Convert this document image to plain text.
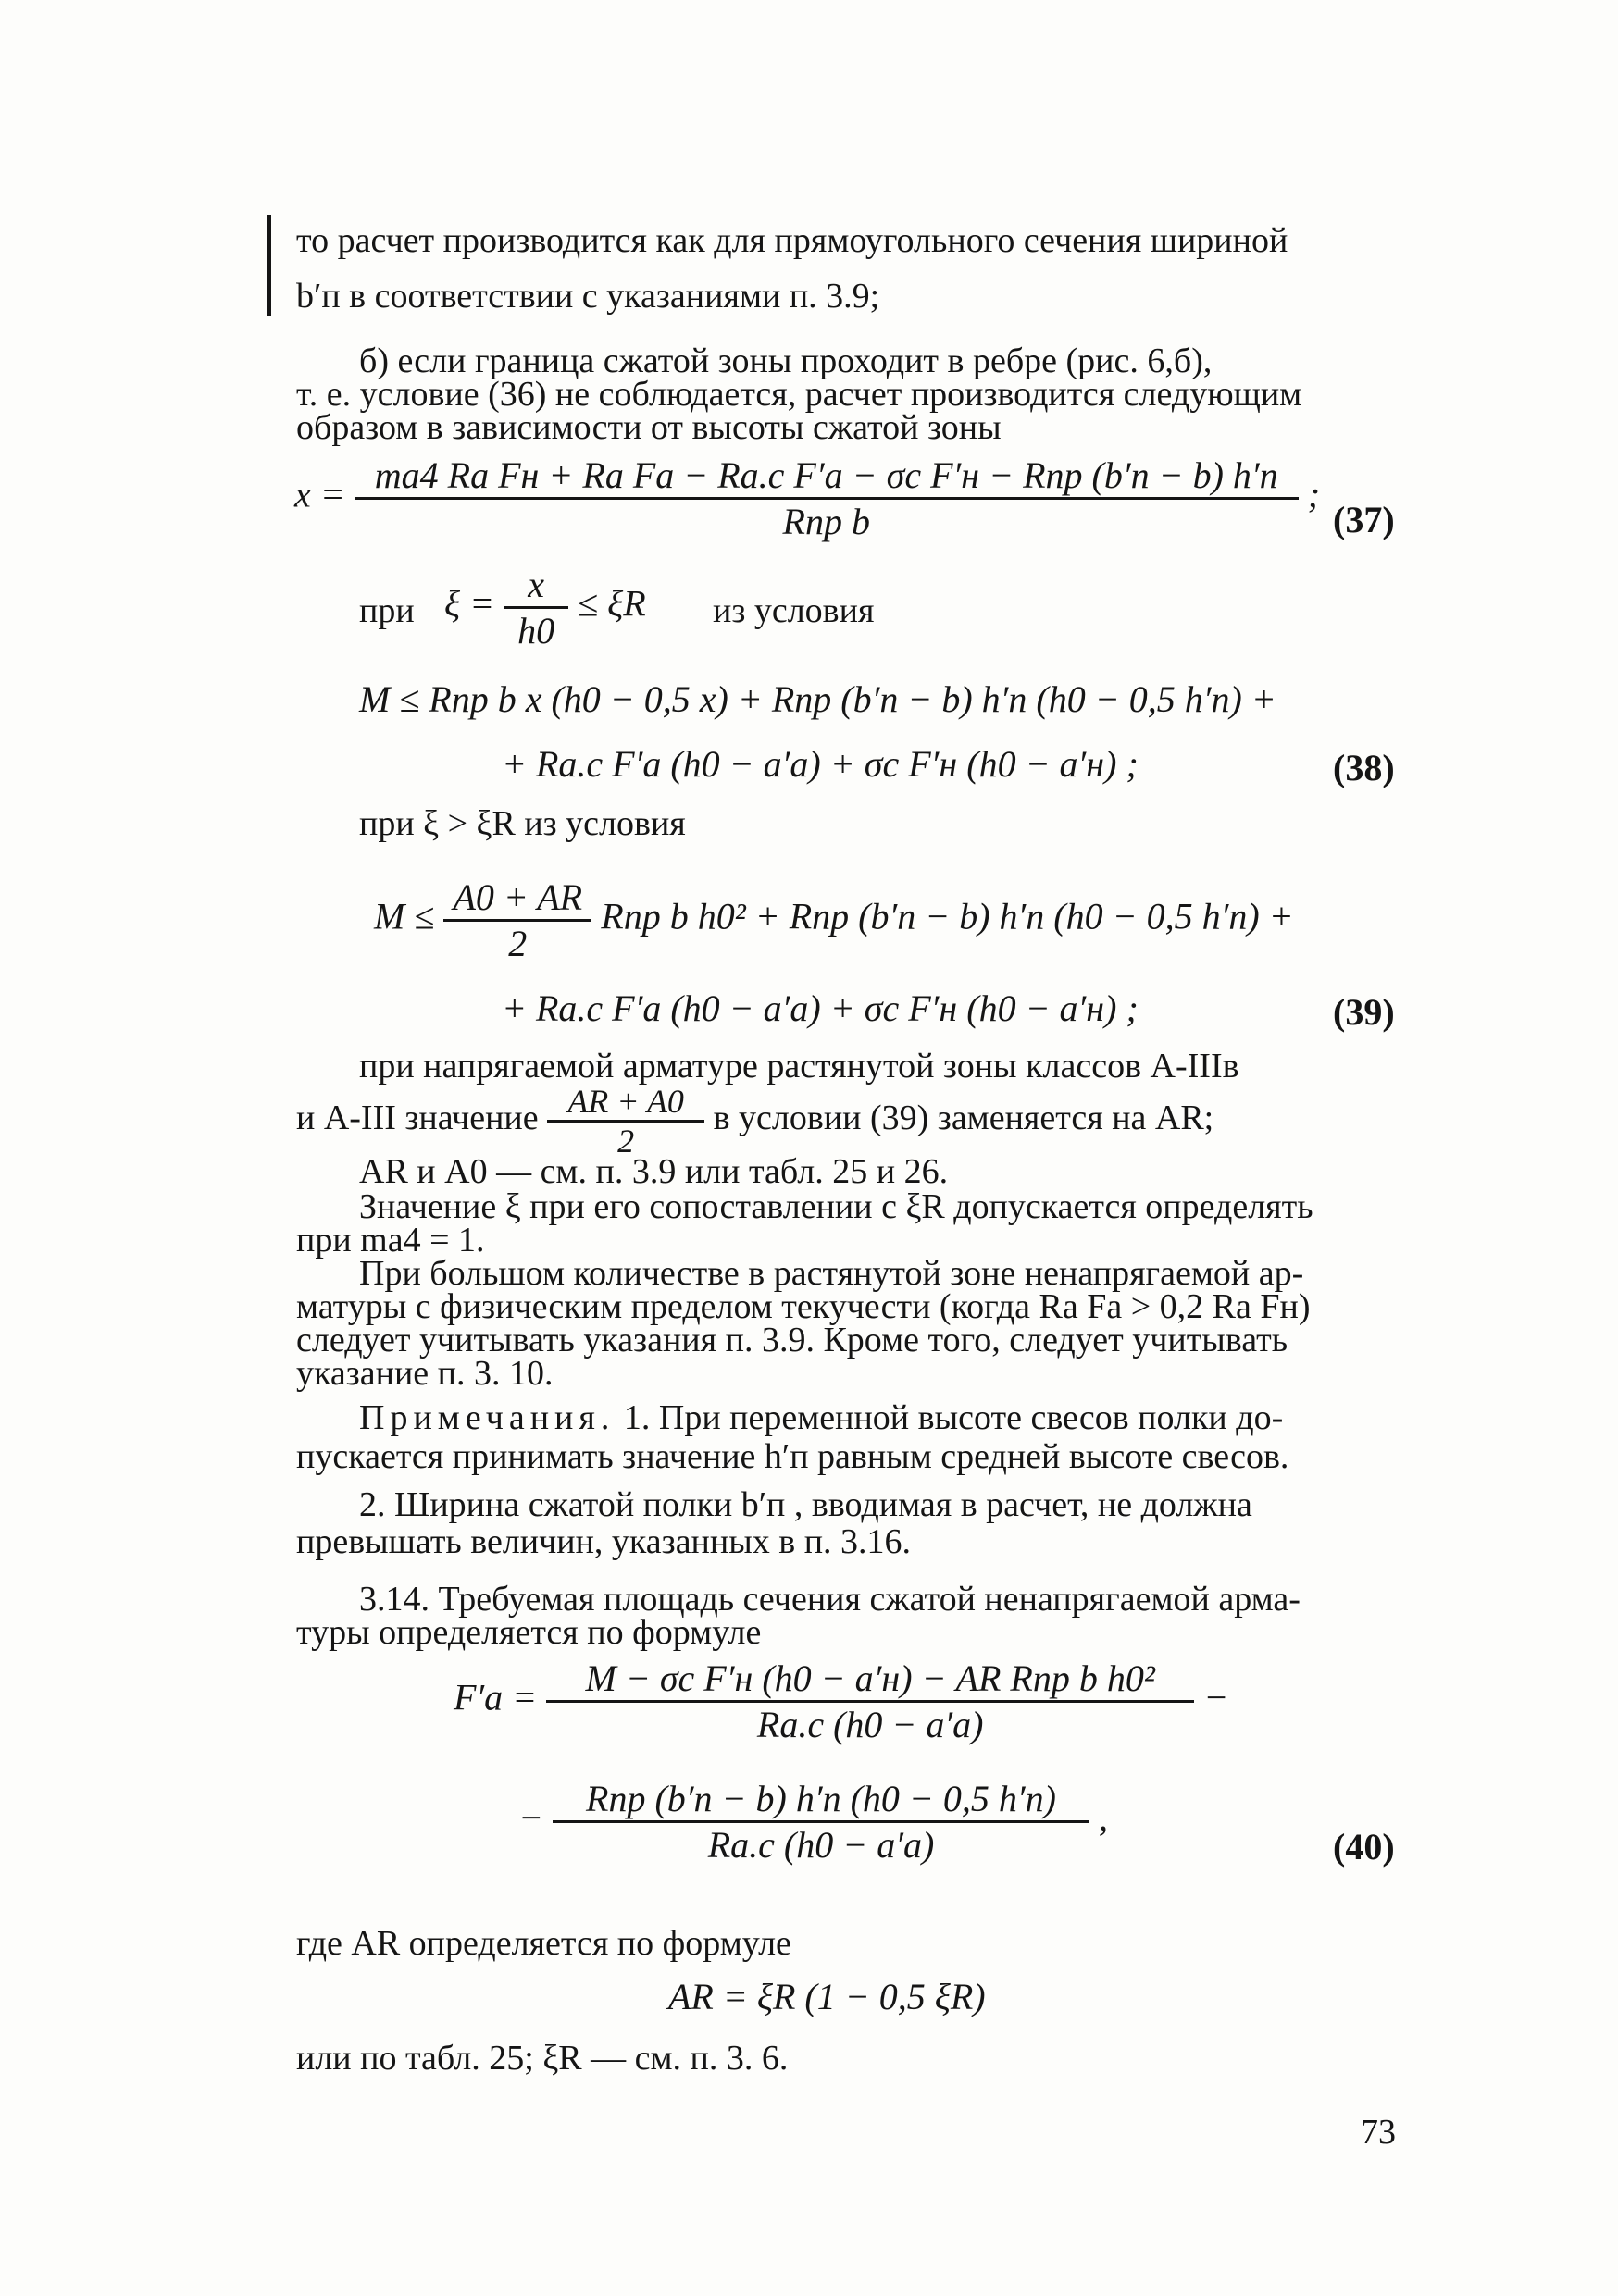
то расчет производится как для прямоугольного сечения шириной
b′п в соответствии с указаниями п. 3.9;
б) если граница сжатой зоны проходит в ребре (рис. 6,б),
т. е. условие (36) не соблюдается, расчет производится следующим
образом в зависимости от высоты сжатой зоны
$x = \frac{\text{ma4 Ra Fн + Ra Fa − Ra.c F′a − σc F′н − Rпр (b′п − b) h′п}}{\text{Rпр b}}$ ;
(37)
при $\xi = \frac{x}{h0} \le \xi R$ из условия
M ≤ Rпр b x (h0 − 0,5 x) + Rпр (b′п − b) h′п (h0 − 0,5 h′п) +
+ Ra.c F′a (h0 − a′a) + σc F′н (h0 − a′н) ;	(38)
при ξ > ξR из условия
$M \le \frac{A0 + AR}{2}$ Rпр b h0² + Rпр (b′п − b) h′п (h0 − 0,5 h′п) +
+ Ra.c F′a (h0 − a′a) + σc F′н (h0 − a′н) ;	(39)
при напрягаемой арматуре растянутой зоны классов А-IIIв
и А-III значение $\frac{AR + A0}{2}$ в условии (39) заменяется на AR;
AR и A0 — см. п. 3.9 или табл. 25 и 26.
Значение ξ при его сопоставлении с ξR допускается определять
при ma4 = 1.
При большом количестве в растянутой зоне ненапрягаемой ар-
матуры с физическим пределом текучести (когда Ra Fa > 0,2 Ra Fн)
следует учитывать указания п. 3.9. Кроме того, следует учитывать
указание п. 3. 10.
Примечания. 1. При переменной высоте свесов полки до-
пускается принимать значение h′п равным средней высоте свесов.
2. Ширина сжатой полки b′п , вводимая в расчет, не должна
превышать величин, указанных в п. 3.16.
3.14. Требуемая площадь сечения сжатой ненапрягаемой арма-
туры определяется по формуле
$F'a = \frac{\text{M − σc F′н (h0 − a′н) − AR Rпр b h0²}}{Ra.c (h0 - a'a)}$ −
− $\frac{\text{Rпр (b′п − b) h′п (h0 − 0,5 h′п)}}{Ra.c (h0 - a'a)}$ ,
(40)
где AR определяется по формуле
AR = ξR (1 − 0,5 ξR)
или по табл. 25; ξR — см. п. 3. 6.
73
